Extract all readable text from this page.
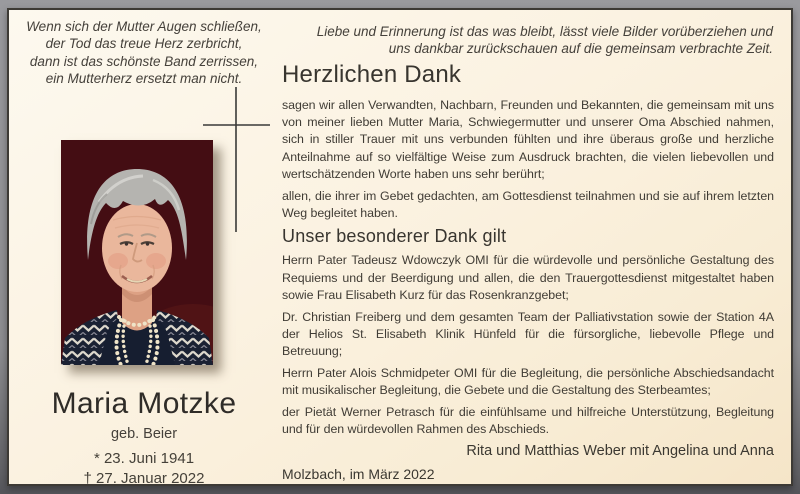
Wenn sich der Mutter Augen schließen,
der Tod das treue Herz zerbricht,
dann ist das schönste Band zerrissen,
ein Mutterherz ersetzt man nicht.
Liebe und Erinnerung ist das was bleibt, lässt viele Bilder vorüberziehen und
uns dankbar zurückschauen auf die gemeinsam verbrachte Zeit.
Maria Motzke
geb. Beier
* 23. Juni 1941
† 27. Januar 2022
Herzlichen Dank

sagen wir allen Verwandten, Nachbarn, Freunden und Bekannten, die gemeinsam mit uns von meiner lieben Mutter Maria, Schwiegermutter und unserer Oma Abschied nahmen, sich in stiller Trauer mit uns verbunden fühlten und ihre überaus große und herzliche Anteilnahme auf so vielfältige Weise zum Ausdruck brachten, die vielen liebevollen und wertschätzenden Worte haben uns sehr berührt;

allen, die ihrer im Gebet gedachten, am Gottesdienst teilnahmen und sie auf ihrem letzten Weg begleitet haben.

Unser besonderer Dank gilt

Herrn Pater Tadeusz Wdowczyk OMI für die würdevolle und persönliche Gestaltung des Requiems und der Beerdigung und allen, die den Trauergottesdienst mitgestaltet haben sowie Frau Elisabeth Kurz für das Rosenkranzgebet;

Dr. Christian Freiberg und dem gesamten Team der Palliativstation sowie der Station 4A der Helios St. Elisabeth Klinik Hünfeld für die fürsorgliche, liebevolle Pflege und Betreuung;

Herrn Pater Alois Schmidpeter OMI für die Begleitung, die persönliche Abschiedsandacht mit musikalischer Begleitung, die Gebete und die Gestaltung des Sterbeamtes;

der Pietät Werner Petrasch für die einfühlsame und hilfreiche Unterstützung, Begleitung und für den würdevollen Rahmen des Abschieds.

Rita und Matthias Weber mit Angelina und Anna
Molzbach, im März 2022
